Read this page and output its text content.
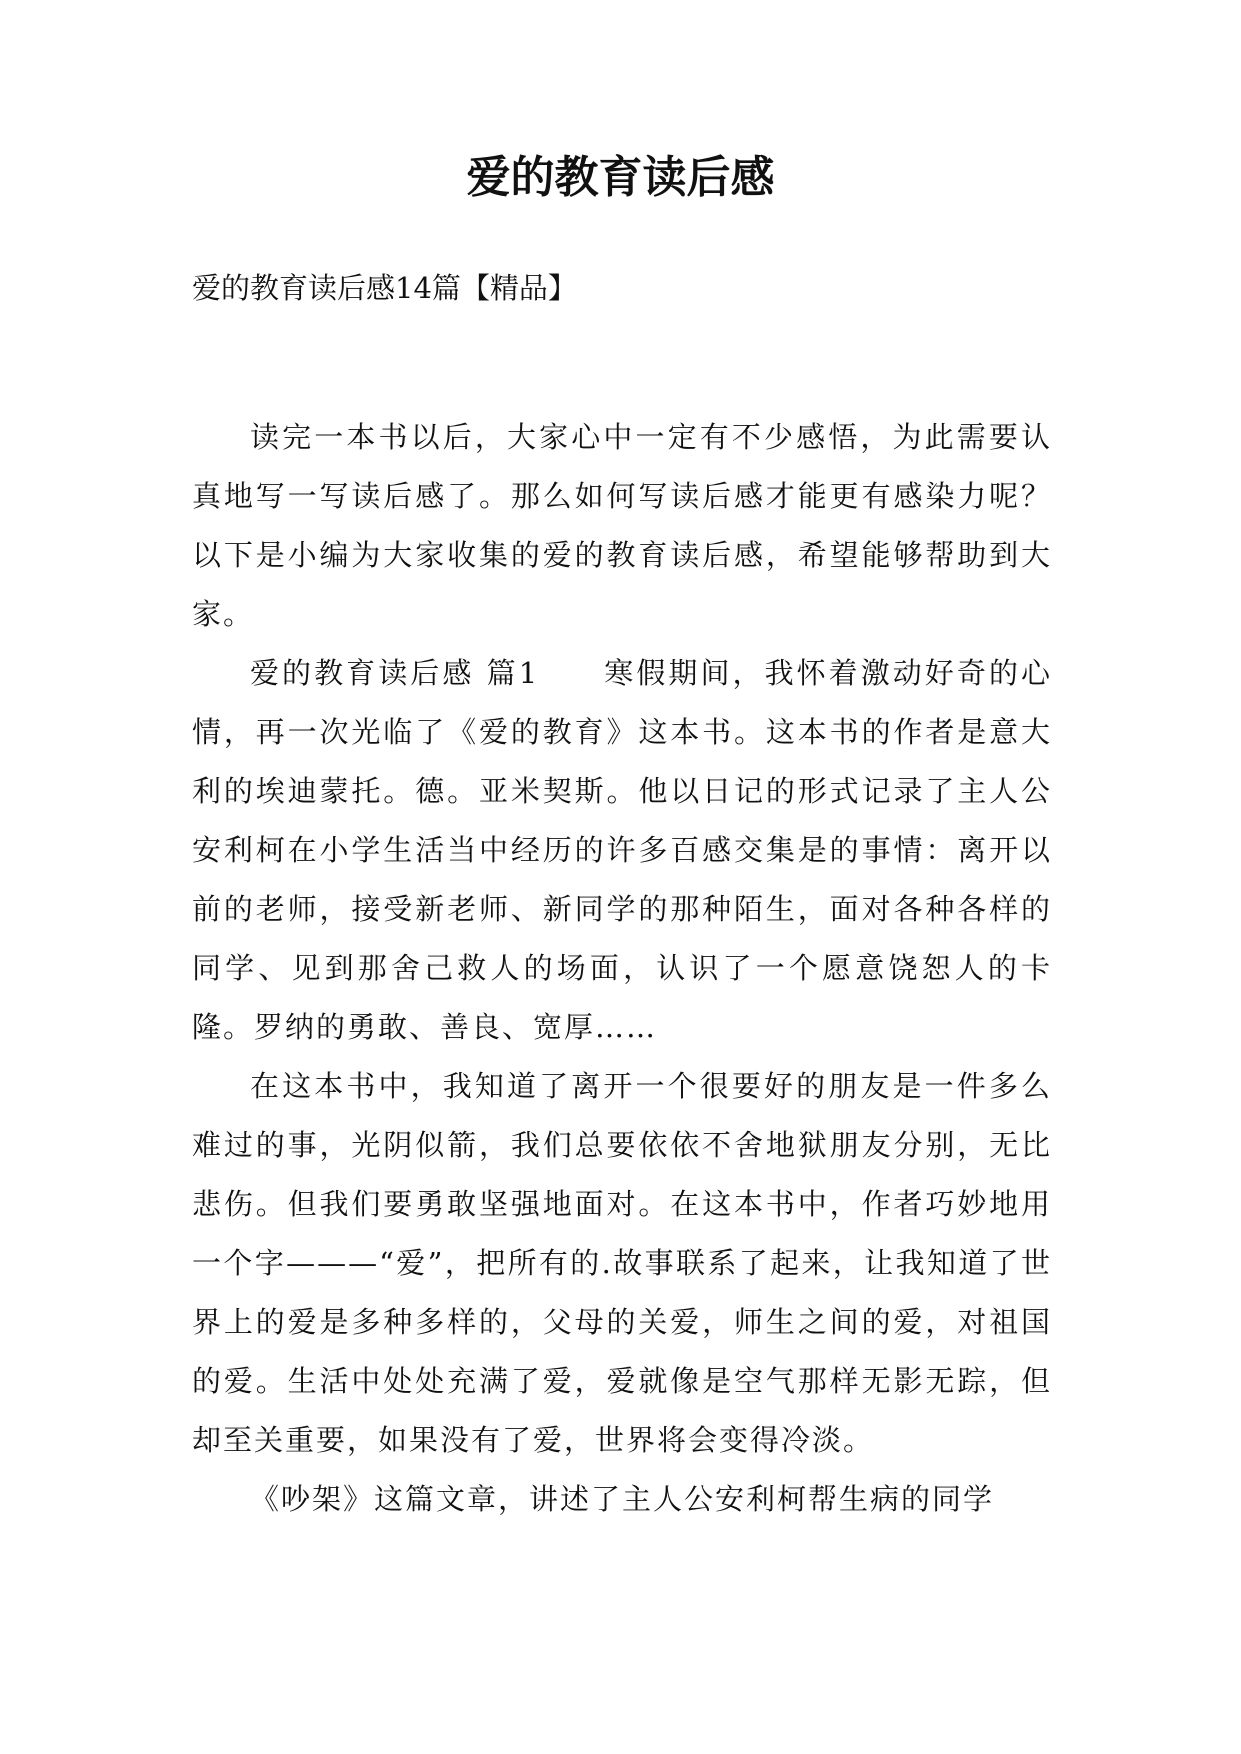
爱的教育读后感
爱的教育读后感14篇【精品】

读完一本书以后，大家心中一定有不少感悟，为此需要认真地写一写读后感了。那么如何写读后感才能更有感染力呢？以下是小编为大家收集的爱的教育读后感，希望能够帮助到大家。

爱的教育读后感 篇1　　寒假期间，我怀着激动好奇的心情，再一次光临了《爱的教育》这本书。这本书的作者是意大利的埃迪蒙托。德。亚米契斯。他以日记的形式记录了主人公安利柯在小学生活当中经历的许多百感交集是的事情：离开以前的老师，接受新老师、新同学的那种陌生，面对各种各样的同学、见到那舍己救人的场面，认识了一个愿意饶恕人的卡隆。罗纳的勇敢、善良、宽厚……

在这本书中，我知道了离开一个很要好的朋友是一件多么难过的事，光阴似箭，我们总要依依不舍地狱朋友分别，无比悲伤。但我们要勇敢坚强地面对。在这本书中，作者巧妙地用一个字———“爱”，把所有的.故事联系了起来，让我知道了世界上的爱是多种多样的，父母的关爱，师生之间的爱，对祖国的爱。生活中处处充满了爱，爱就像是空气那样无影无踪，但却至关重要，如果没有了爱，世界将会变得冷淡。

《吵架》这篇文章，讲述了主人公安利柯帮生病的同学
